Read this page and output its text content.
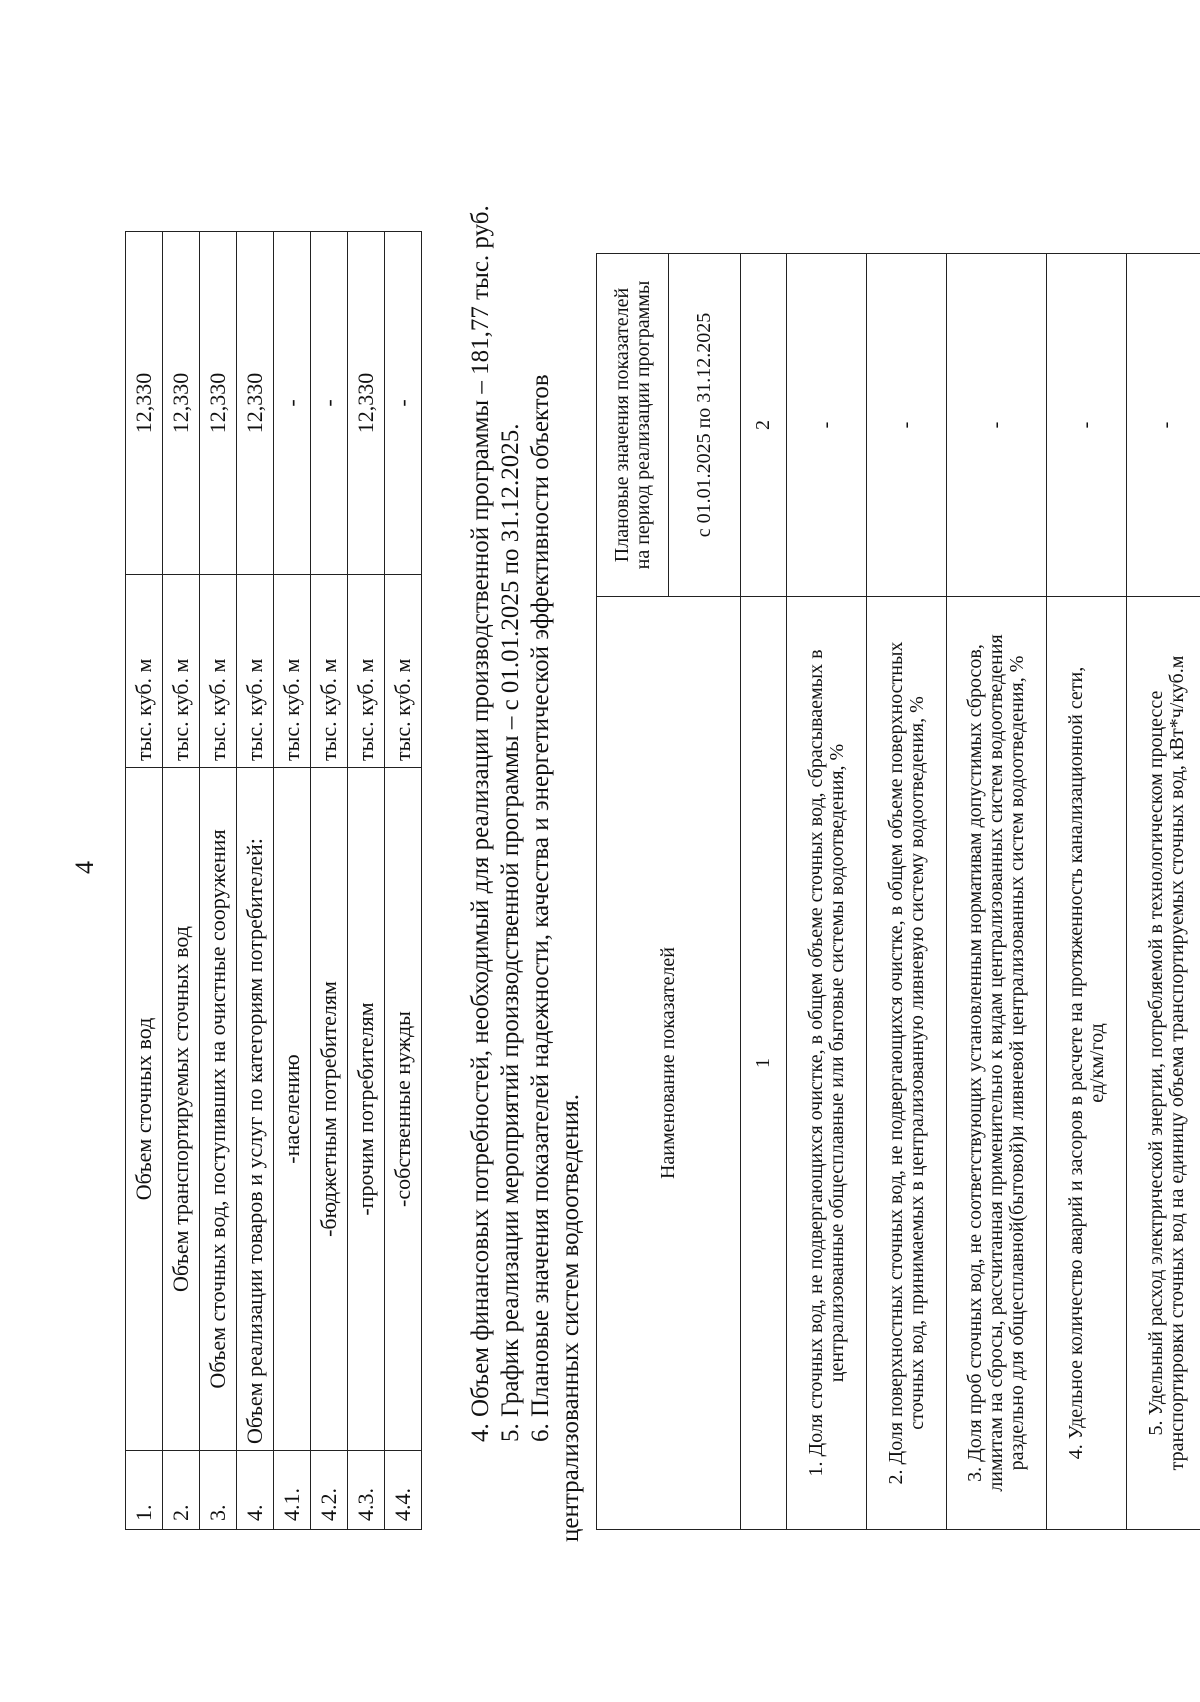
4
1.	Объем сточных вод	тыс. куб. м	12,330
2.	Объем транспортируемых сточных вод	тыс. куб. м	12,330
3.	Объем сточных вод, поступивших на очистные сооружения	тыс. куб. м	12,330
4.	Объем реализации товаров и услуг по категориям потребителей:	тыс. куб. м	12,330
4.1.	-населению	тыс. куб. м	-
4.2.	-бюджетным потребителям	тыс. куб. м	-
4.3.	-прочим потребителям	тыс. куб. м	12,330
4.4.	-собственные нужды	тыс. куб. м	- 4. Объем финансовых потребностей, необходимый для реализации производственной программы – 181,77 тыс. руб. 5. График реализации мероприятий производственной программы – с 01.01.2025 по 31.12.2025. 6. Плановые значения показателей надежности, качества и энергетической эффективности объектов централизованных систем водоотведения.
Наименование показателей	Плановые значения показателей на период реализации программы

	с 01.01.2025 по 31.12.2025
1	2

1. Доля сточных вод, не подвергающихся очистке, в общем объеме сточных вод, сбрасываемых в централизованные общесплавные или бытовые системы водоотведения, %	-

2. Доля поверхностных сточных вод, не подвергающихся очистке, в общем объеме поверхностных сточных вод, принимаемых в централизованную ливневую систему водоотведения, %	-

3. Доля проб сточных вод, не соответствующих установленным нормативам допустимых сбросов, лимитам на сбросы, рассчитанная применительно к видам централизованных систем водоотведения раздельно для общесплавной(бытовой)и ливневой централизованных систем водоотведения, %	-

4. Удельное количество аварий и засоров в расчете на протяженность канализационной сети, ед/км/год	-

5. Удельный расход электрической энергии, потребляемой в технологическом процессе транспортировки сточных вод на единицу объема транспортируемых сточных вод, кВт*ч/куб.м	-
